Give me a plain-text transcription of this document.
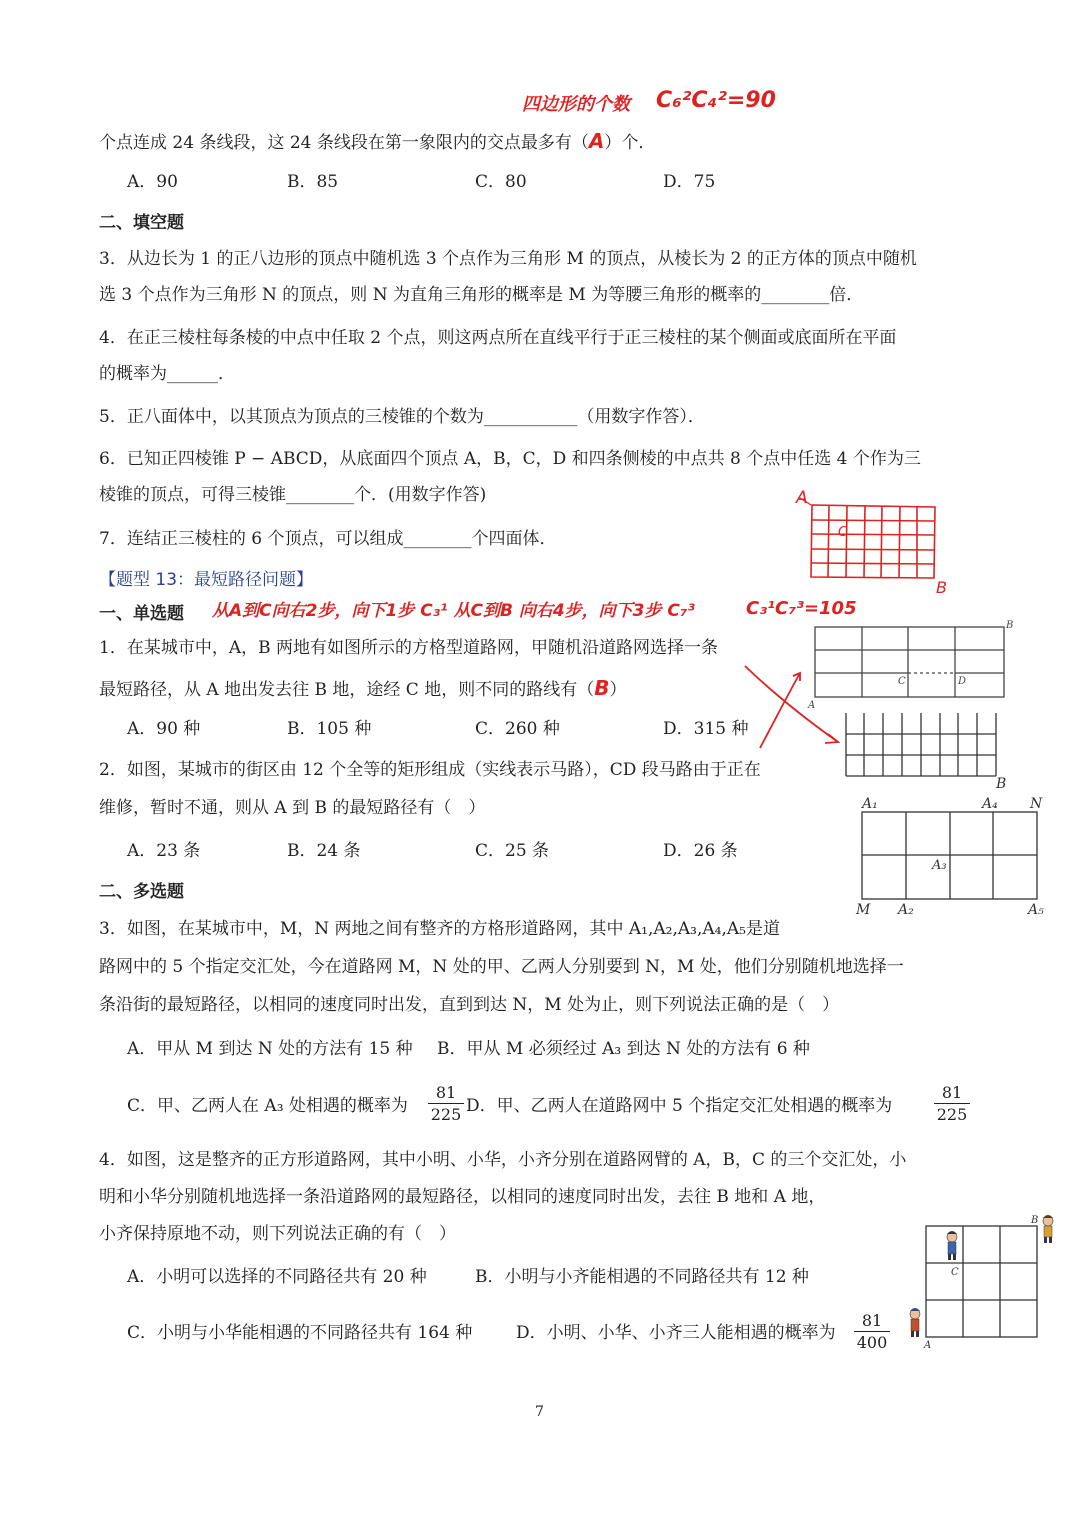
四边形的个数 C₆²C₄²=90
个点连成 24 条线段，这 24 条线段在第一象限内的交点最多有（A）个．
A．90	B．85	C．80	D．75
二、填空题
3．从边长为 1 的正八边形的顶点中随机选 3 个点作为三角形 M 的顶点，从棱长为 2 的正方体的顶点中随机
选 3 个点作为三角形 N 的顶点，则 N 为直角三角形的概率是 M 为等腰三角形的概率的________倍．
4．在正三棱柱每条棱的中点中任取 2 个点，则这两点所在直线平行于正三棱柱的某个侧面或底面所在平面
的概率为______．
5．正八面体中，以其顶点为顶点的三棱锥的个数为___________（用数字作答）．
6．已知正四棱锥 P − ABCD，从底面四个顶点 A，B，C，D 和四条侧棱的中点共 8 个点中任选 4 个作为三
棱锥的顶点，可得三棱锥________个．(用数字作答)
7．连结正三棱柱的 6 个顶点，可以组成________个四面体．
【题型 13：最短路径问题】
一、单选题 从A到C向右2步，向下1步 C₃¹ 从C到B 向右4步，向下3步 C₇³	C₃¹C₇³=105
1．在某城市中，A，B 两地有如图所示的方格型道路网，甲随机沿道路网选择一条
最短路径，从 A 地出发去往 B 地，途经 C 地，则不同的路线有（B）
A．90 种	B．105 种	C．260 种	D．315 种
2．如图，某城市的街区由 12 个全等的矩形组成（实线表示马路），CD 段马路由于正在
维修，暂时不通，则从 A 到 B 的最短路径有（　）
A．23 条	B．24 条	C．25 条	D．26 条
二、多选题
3．如图，在某城市中，M，N 两地之间有整齐的方格形道路网，其中 A₁,A₂,A₃,A₄,A₅是道
路网中的 5 个指定交汇处，今在道路网 M，N 处的甲、乙两人分别要到 N，M 处，他们分别随机地选择一
条沿街的最短路径，以相同的速度同时出发，直到到达 N，M 处为止，则下列说法正确的是（　）
A．甲从 M 到达 N 处的方法有 15 种 B．甲从 M 必须经过 A₃ 到达 N 处的方法有 6 种
C．甲、乙两人在 A₃ 处相遇的概率为 $\frac{81}{225}$ D．甲、乙两人在道路网中 5 个指定交汇处相遇的概率为	$\frac{81}{225}$
4．如图，这是整齐的正方形道路网，其中小明、小华，小齐分别在道路网臂的 A，B，C 的三个交汇处，小
明和小华分别随机地选择一条沿道路网的最短路径，以相同的速度同时出发，去往 B 地和 A 地，
小齐保持原地不动，则下列说法正确的有（　）
A．小明可以选择的不同路径共有 20 种	B．小明与小齐能相遇的不同路径共有 12 种
C．小明与小华能相遇的不同路径共有 164 种	D．小明、小华、小齐三人能相遇的概率为 $\frac{81}{400}$
7
A
B
C
B
A
C	D
B
A₁	A₄ N
A₃
M A₂	A₅
B
C
A
